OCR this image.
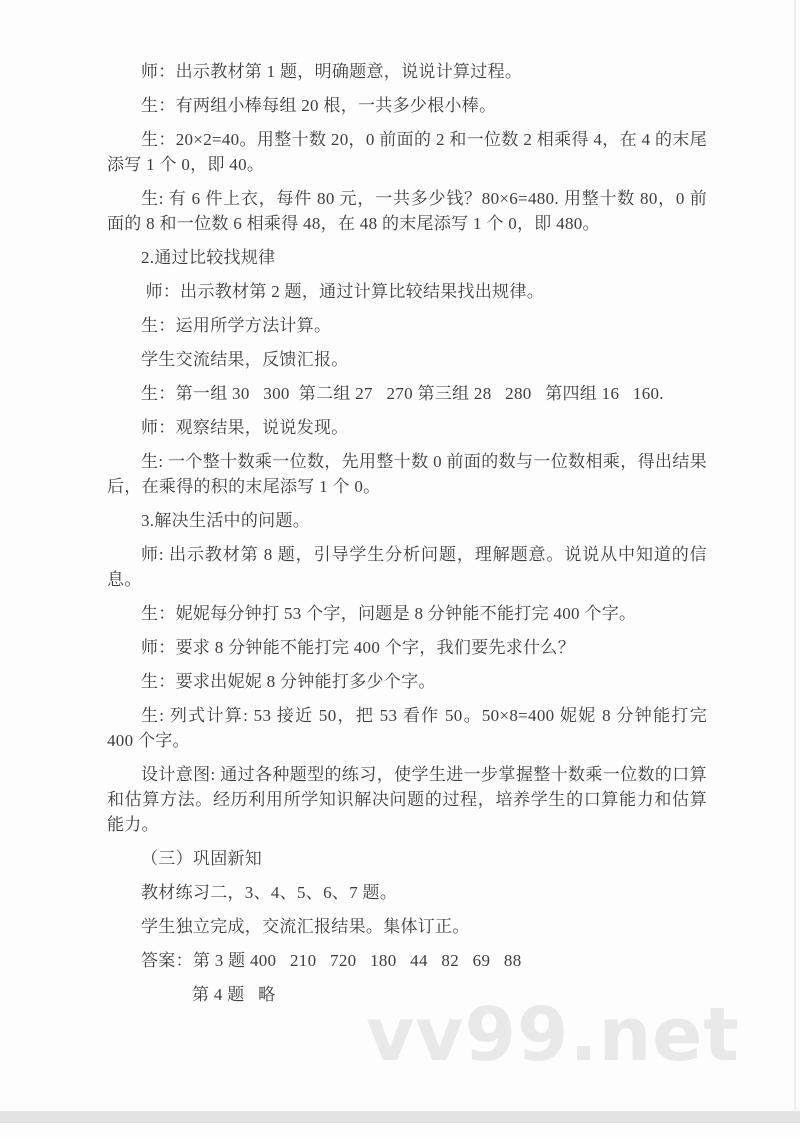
师：出示教材第 1 题，明确题意，说说计算过程。

生：有两组小棒每组 20 根，一共多少根小棒。

生：20×2=40。用整十数 20，0 前面的 2 和一位数 2 相乘得 4，在 4 的末尾添写 1 个 0，即 40。

生: 有 6 件上衣，每件 80 元，一共多少钱？80×6=480. 用整十数 80，0 前面的 8 和一位数 6 相乘得 48，在 48 的末尾添写 1 个 0，即 480。

2.通过比较找规律

师：出示教材第 2 题，通过计算比较结果找出规律。

生：运用所学方法计算。

学生交流结果，反馈汇报。

生：第一组 30   300  第二组 27   270 第三组 28   280   第四组 16   160.

师：观察结果，说说发现。

生: 一个整十数乘一位数，先用整十数 0 前面的数与一位数相乘，得出结果后，在乘得的积的末尾添写 1 个 0。

3.解决生活中的问题。

师: 出示教材第 8 题，引导学生分析问题，理解题意。说说从中知道的信息。

生：妮妮每分钟打 53 个字，问题是 8 分钟能不能打完 400 个字。

师：要求 8 分钟能不能打完 400 个字，我们要先求什么？

生：要求出妮妮 8 分钟能打多少个字。

生: 列式计算: 53 接近 50，把 53 看作 50。50×8=400 妮妮 8 分钟能打完 400 个字。

设计意图: 通过各种题型的练习，使学生进一步掌握整十数乘一位数的口算和估算方法。经历利用所学知识解决问题的过程，培养学生的口算能力和估算能力。

（三）巩固新知

教材练习二，3、4、5、6、7 题。

学生独立完成，交流汇报结果。集体订正。

答案：第 3 题 400   210   720   180   44   82   69   88

第 4 题   略	vv99.net
